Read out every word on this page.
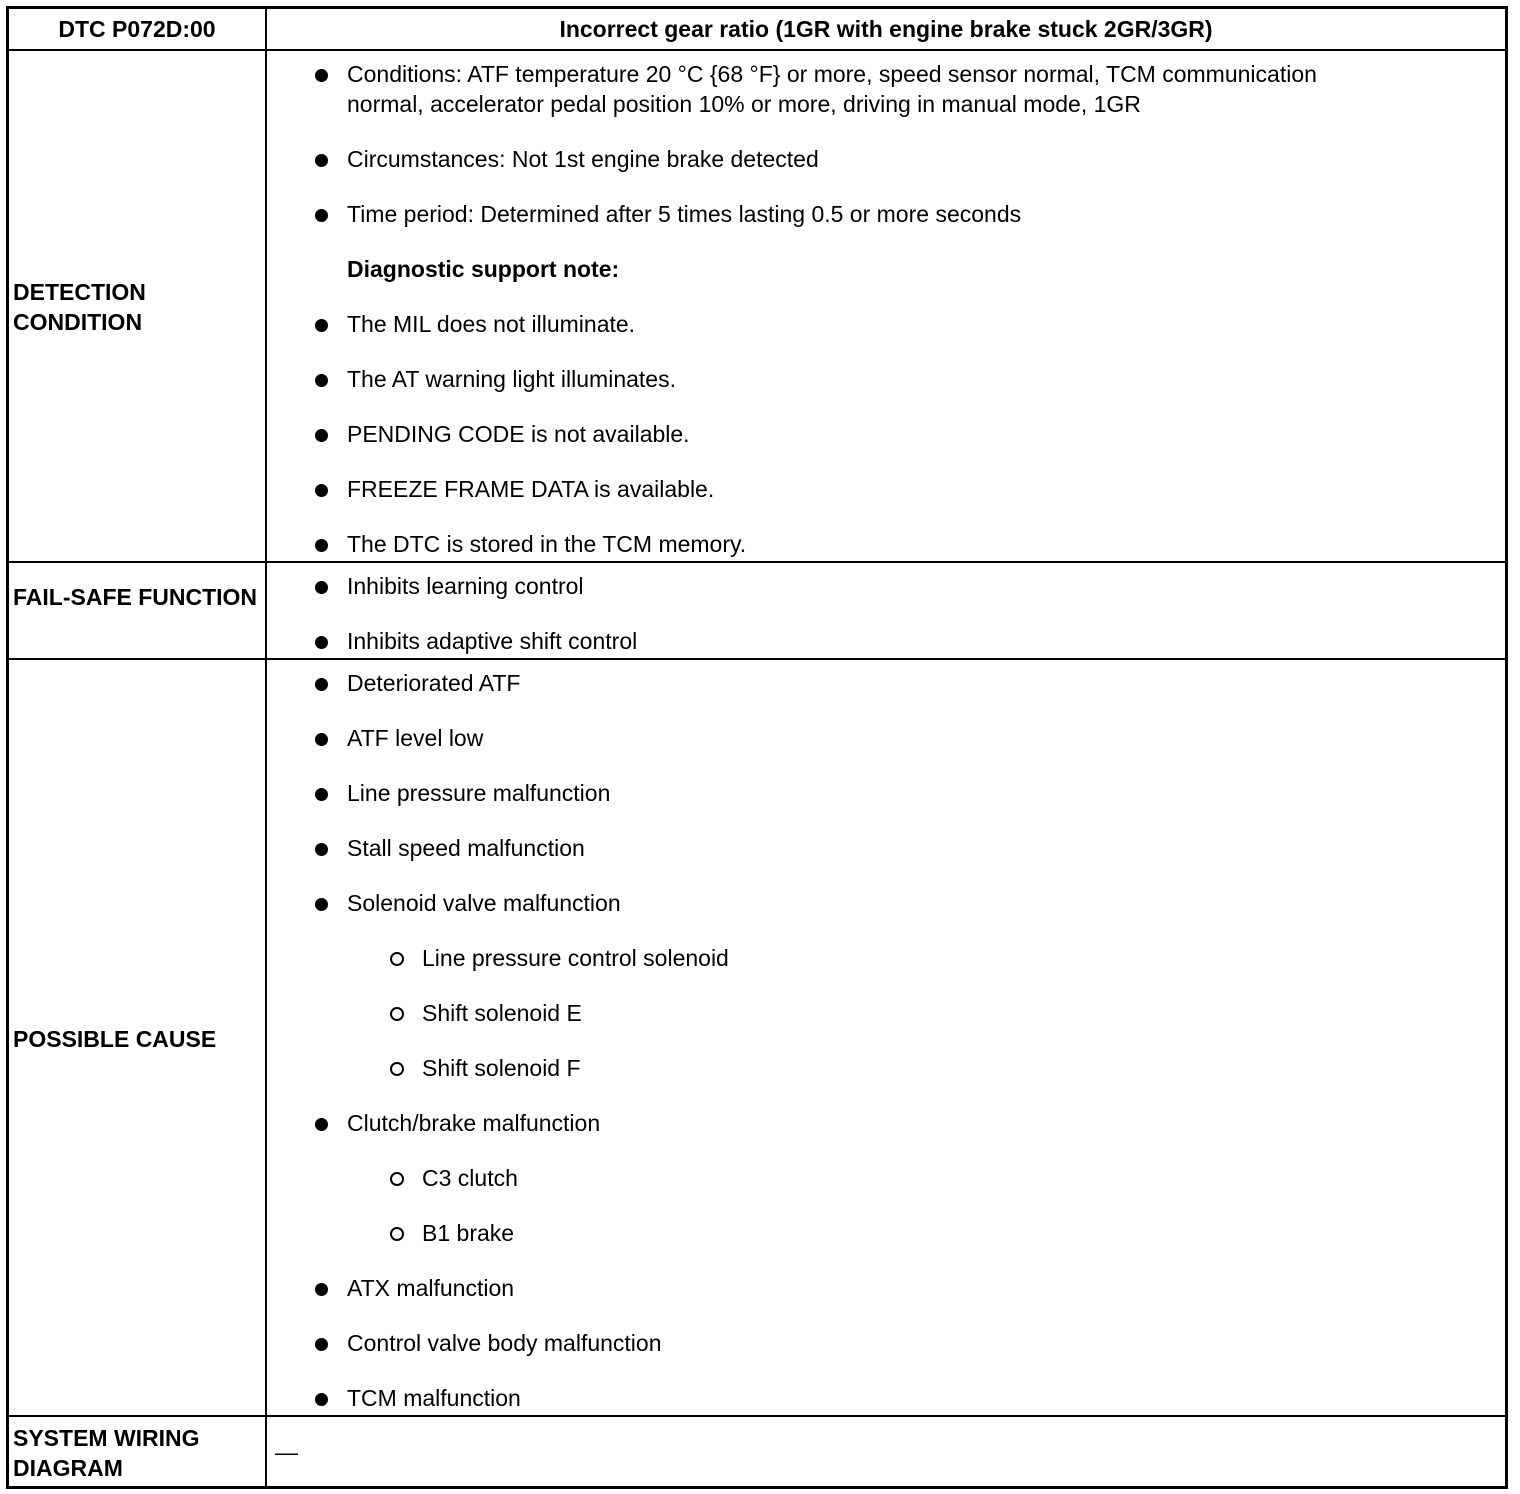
DTC P072D:00	Incorrect gear ratio (1GR with engine brake stuck 2GR/3GR)
DETECTION CONDITION
Conditions: ATF temperature 20 °C {68 °F} or more, speed sensor normal, TCM communication
normal, accelerator pedal position 10% or more, driving in manual mode, 1GR
Circumstances: Not 1st engine brake detected
Time period: Determined after 5 times lasting 0.5 or more seconds
Diagnostic support note:
The MIL does not illuminate.
The AT warning light illuminates.
PENDING CODE is not available.
FREEZE FRAME DATA is available.
The DTC is stored in the TCM memory.
FAIL-SAFE FUNCTION	Inhibits learning control
Inhibits adaptive shift control
POSSIBLE CAUSE
Deteriorated ATF
ATF level low
Line pressure malfunction
Stall speed malfunction
Solenoid valve malfunction
Line pressure control solenoid
Shift solenoid E
Shift solenoid F
Clutch/brake malfunction
C3 clutch
B1 brake
ATX malfunction
Control valve body malfunction
TCM malfunction
SYSTEM WIRING DIAGRAM
—
